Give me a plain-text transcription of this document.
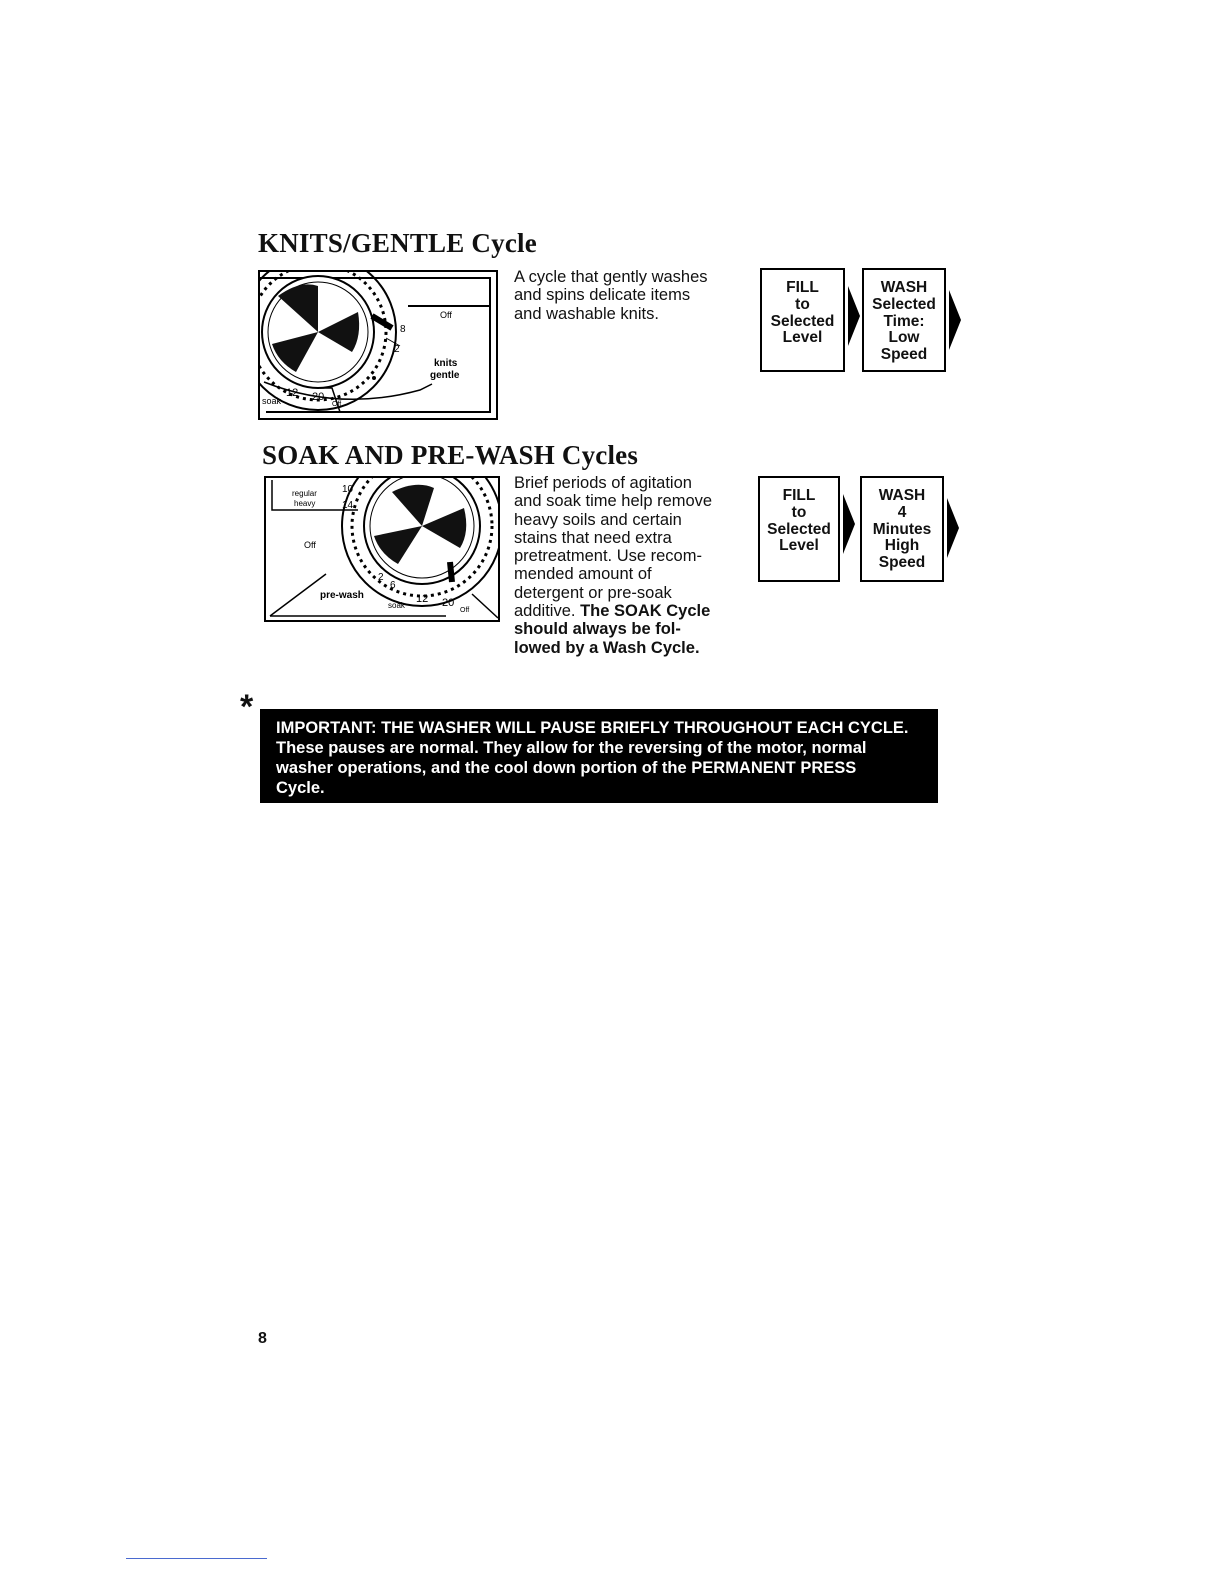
KNITS/GENTLE Cycle
Off
8
2
knits
gentle
soak
12 20
Off
A cycle that gently washes
and spins delicate items
and washable knits.
FILL
to
Selected
Level
WASH
Selected
Time:
Low
Speed
SOAK AND PRE-WASH Cycles
regular
heavy
10
14
Off
2
6
pre-wash
soak
12 20
Off
Brief periods of agitation
and soak time help remove
heavy soils and certain
stains that need extra
pretreatment. Use recom-
mended amount of
detergent or pre-soak
additive. The SOAK Cycle
should always be fol-
lowed by a Wash Cycle.
FILL
to
Selected
Level
WASH
4
Minutes
High
Speed
*
IMPORTANT: THE WASHER WILL PAUSE BRIEFLY THROUGHOUT EACH CYCLE.
These pauses are normal. They allow for the reversing of the motor, normal
washer operations, and the cool down portion of the PERMANENT PRESS
Cycle.
8
